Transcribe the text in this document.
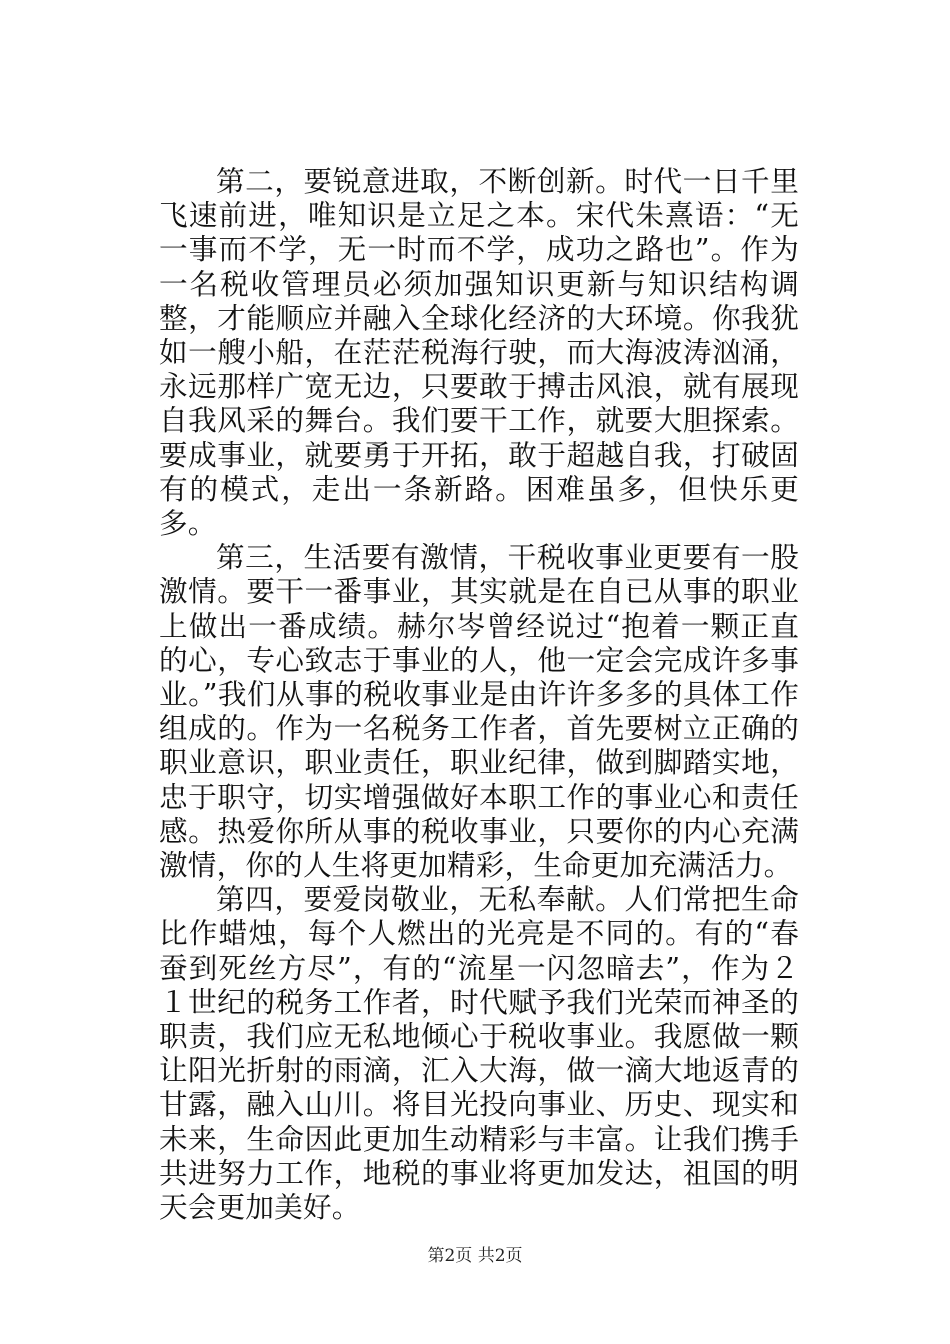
第二，要锐意进取，不断创新。时代一日千里飞速前进，唯知识是立足之本。宋代朱熹语：“无一事而不学，无一时而不学，成功之路也”。作为一名税收管理员必须加强知识更新与知识结构调整，才能顺应并融入全球化经济的大环境。你我犹如一艘小船，在茫茫税海行驶，而大海波涛汹涌，永远那样广宽无边，只要敢于搏击风浪，就有展现自我风采的舞台。我们要干工作，就要大胆探索。要成事业，就要勇于开拓，敢于超越自我，打破固有的模式，走出一条新路。困难虽多，但快乐更多。

第三，生活要有激情，干税收事业更要有一股激情。要干一番事业，其实就是在自已从事的职业上做出一番成绩。赫尔岑曾经说过“抱着一颗正直的心，专心致志于事业的人，他一定会完成许多事业。”我们从事的税收事业是由许许多多的具体工作组成的。作为一名税务工作者，首先要树立正确的职业意识，职业责任，职业纪律，做到脚踏实地，忠于职守，切实增强做好本职工作的事业心和责任感。热爱你所从事的税收事业，只要你的内心充满激情，你的人生将更加精彩，生命更加充满活力。

第四，要爱岗敬业，无私奉献。人们常把生命比作蜡烛，每个人燃出的光亮是不同的。有的“春蚕到死丝方尽”，有的“流星一闪忽暗去”，作为２１世纪的税务工作者，时代赋予我们光荣而神圣的职责，我们应无私地倾心于税收事业。我愿做一颗让阳光折射的雨滴，汇入大海，做一滴大地返青的甘露，融入山川。将目光投向事业、历史、现实和未来，生命因此更加生动精彩与丰富。让我们携手共进努力工作，地税的事业将更加发达，祖国的明天会更加美好。

第2页 共2页
